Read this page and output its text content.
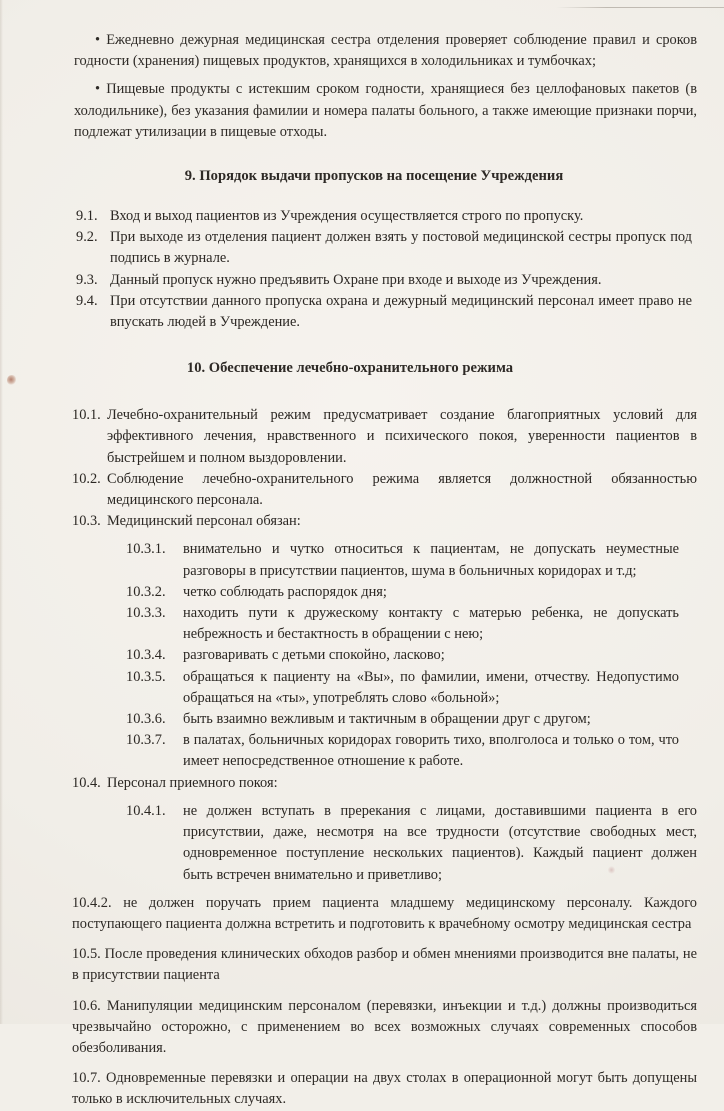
• Ежедневно дежурная медицинская сестра отделения проверяет соблюдение правил и сроков годности (хранения) пищевых продуктов, хранящихся в холодильниках и тумбочках;

• Пищевые продукты с истекшим сроком годности, хранящиеся без целлофановых пакетов (в холодильнике), без указания фамилии и номера палаты больного, а также имеющие признаки порчи, подлежат утилизации в пищевые отходы.

9. Порядок выдачи пропусков на посещение Учреждения

9.1. Вход и выход пациентов из Учреждения осуществляется строго по пропуску.
9.2. При выходе из отделения пациент должен взять у постовой медицинской сестры пропуск под подпись в журнале.
9.3. Данный пропуск нужно предъявить Охране при входе и выходе из Учреждения.
9.4. При отсутствии данного пропуска охрана и дежурный медицинский персонал имеет право не впускать людей в Учреждение.

10. Обеспечение лечебно-охранительного режима

10.1. Лечебно-охранительный режим предусматривает создание благоприятных условий для эффективного лечения, нравственного и психического покоя, уверенности пациентов в быстрейшем и полном выздоровлении.
10.2. Соблюдение лечебно-охранительного режима является должностной обязанностью медицинского персонала.
10.3. Медицинский персонал обязан:
10.3.1.	внимательно и чутко относиться к пациентам, не допускать неуместные разговоры в присутствии пациентов, шума в больничных коридорах и т.д;
10.3.2.	четко соблюдать распорядок дня;
10.3.3.	находить пути к дружескому контакту с матерью ребенка, не допускать небрежность и бестактность в обращении с нею;
10.3.4.	разговаривать с детьми спокойно, ласково;
10.3.5.	обращаться к пациенту на «Вы», по фамилии, имени, отчеству. Недопустимо обращаться на «ты», употреблять слово «больной»;
10.3.6.	быть взаимно вежливым и тактичным в обращении друг с другом;
10.3.7.	в палатах, больничных коридорах говорить тихо, вполголоса и только о том, что имеет непосредственное отношение к работе.
10.4. Персонал приемного покоя:
10.4.1.	не должен вступать в пререкания с лицами, доставившими пациента в его присутствии, даже, несмотря на все трудности (отсутствие свободных мест, одновременное поступление нескольких пациентов). Каждый пациент должен быть встречен внимательно и приветливо;

10.4.2. не должен поручать прием пациента младшему медицинскому персоналу. Каждого поступающего пациента должна встретить и подготовить к врачебному осмотру медицинская сестра

10.5. После проведения клинических обходов разбор и обмен мнениями производится вне палаты, не в присутствии пациента

10.6. Манипуляции медицинским персоналом (перевязки, инъекции и т.д.) должны производиться чрезвычайно осторожно, с применением во всех возможных случаях современных способов обезболивания.

10.7. Одновременные перевязки и операции на двух столах в операционной могут быть допущены только в исключительных случаях.
